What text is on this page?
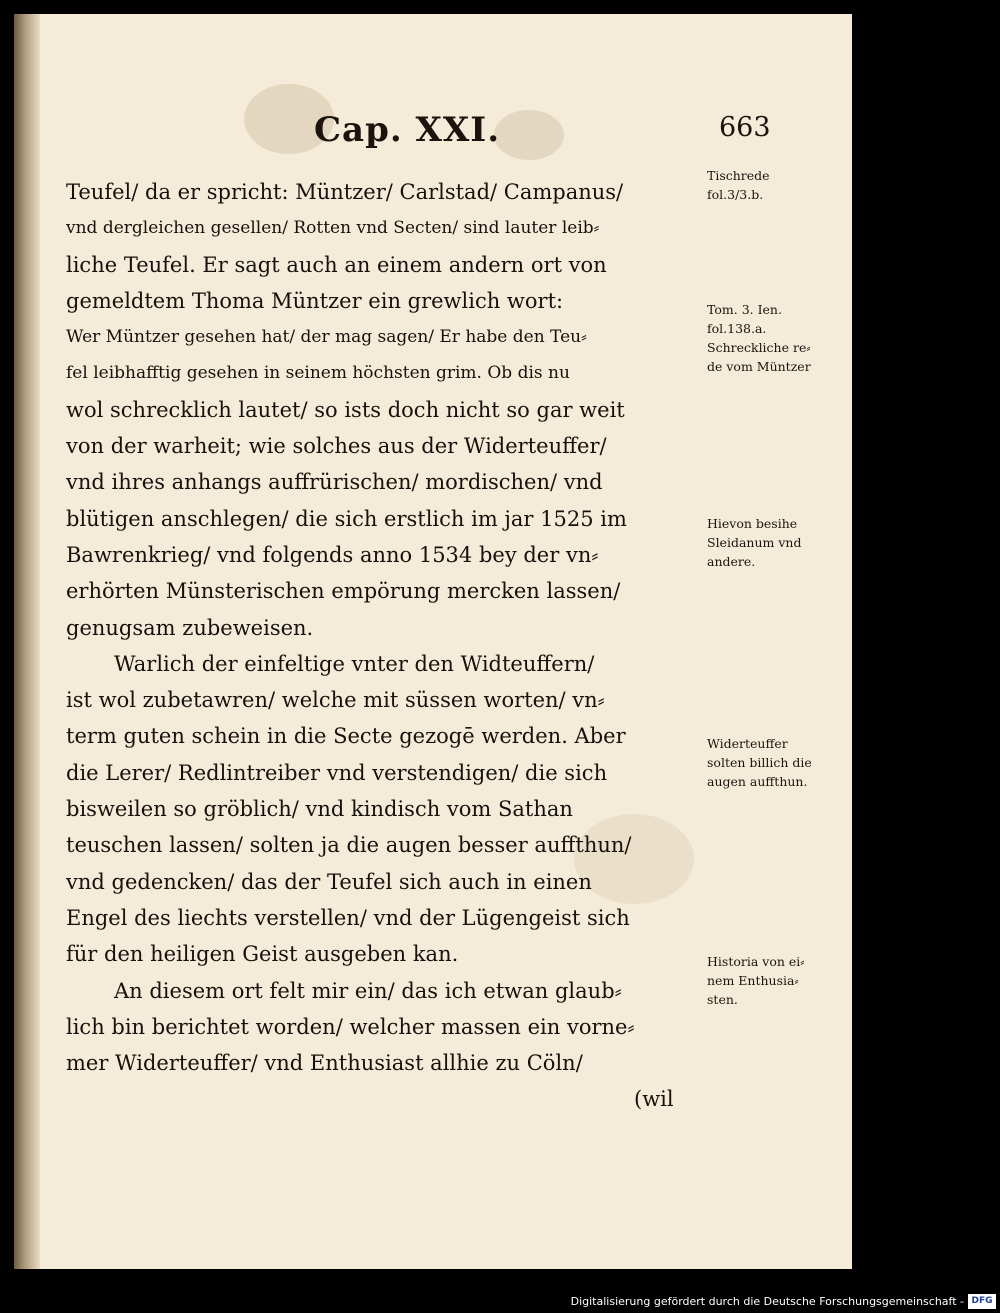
Cap. XXI.	663
Teufel/ da er spricht: Müntzer/ Carlstad/ Campanus/
vnd dergleichen gesellen/ Rotten vnd Secten/ sind lauter leib⸗
liche Teufel. Er sagt auch an einem andern ort von
gemeldtem Thoma Müntzer ein grewlich wort:
Wer Müntzer gesehen hat/ der mag sagen/ Er habe den Teu⸗
fel leibhafftig gesehen in seinem höchsten grim. Ob dis nu
wol schrecklich lautet/ so ists doch nicht so gar weit
von der warheit; wie solches aus der Widerteuffer/
vnd ihres anhangs auffrürischen/ mordischen/ vnd
blütigen anschlegen/ die sich erstlich im jar 1525 im
Bawrenkrieg/ vnd folgends anno 1534 bey der vn⸗
erhörten Münsterischen empörung mercken lassen/
genugsam zubeweisen.
Warlich der einfeltige vnter den Widteuffern/
ist wol zubetawren/ welche mit süssen worten/ vn⸗
term guten schein in die Secte gezogē werden. Aber
die Lerer/ Redlintreiber vnd verstendigen/ die sich
bisweilen so gröblich/ vnd kindisch vom Sathan
teuschen lassen/ solten ja die augen besser auffthun/
vnd gedencken/ das der Teufel sich auch in einen
Engel des liechts verstellen/ vnd der Lügengeist sich
für den heiligen Geist ausgeben kan.
An diesem ort felt mir ein/ das ich etwan glaub⸗
lich bin berichtet worden/ welcher massen ein vorne⸗
mer Widerteuffer/ vnd Enthusiast allhie zu Cöln/
(wil
Tischrede
fol.3/3.b.
Tom. 3. Ien.
fol.138.a.
Schreckliche re⸗
de vom Müntzer
Hievon besihe
Sleidanum vnd
andere.
Widerteuffer
solten billich die
augen auffthun.
Historia von ei⸗
nem Enthusia⸗
sten.
Digitalisierung gefördert durch die Deutsche Forschungsgemeinschaft - DFG
